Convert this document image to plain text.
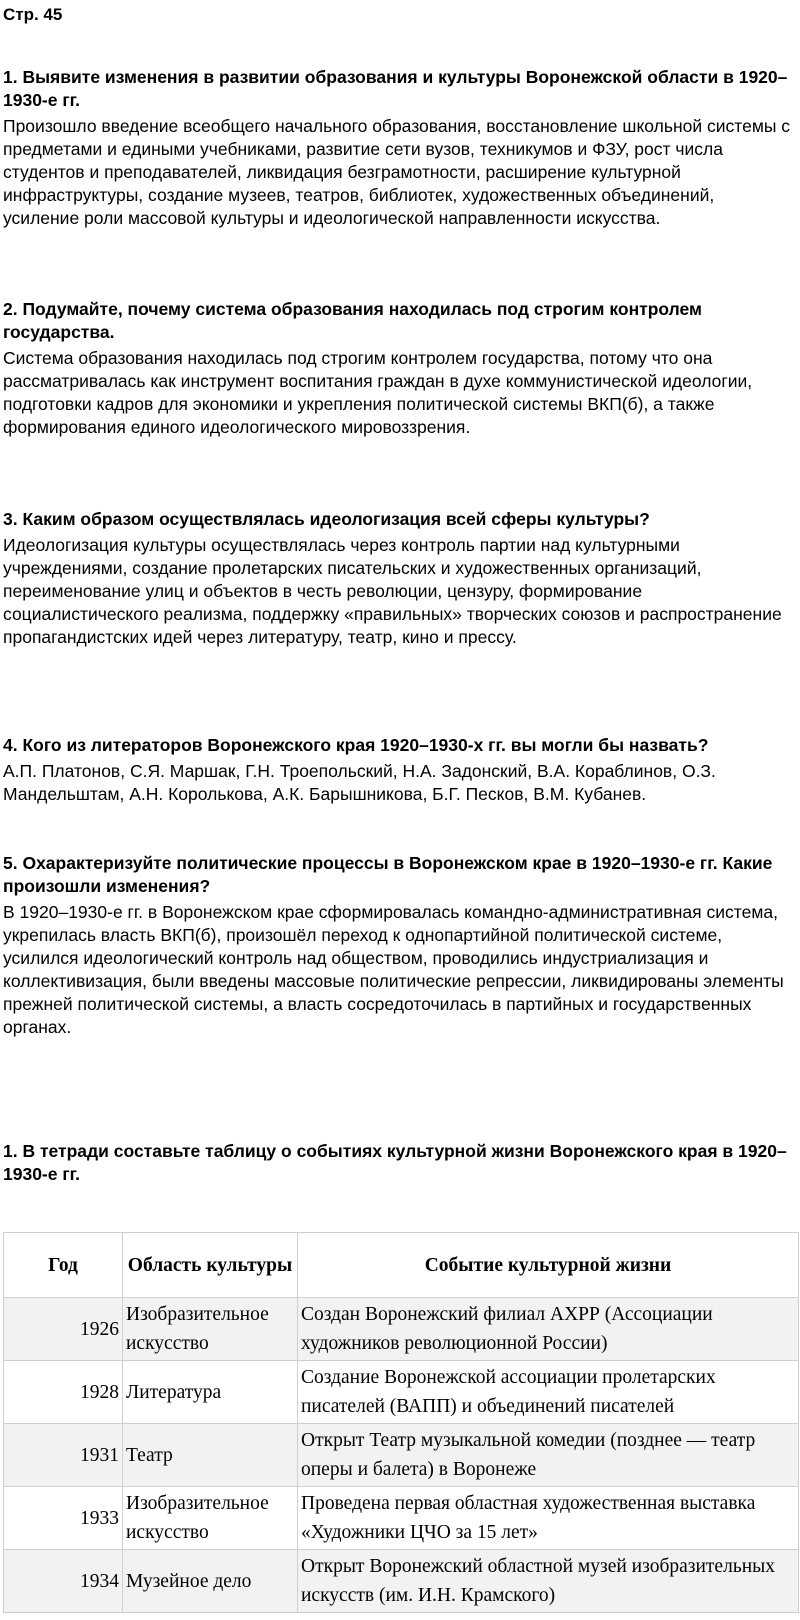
Стр. 45

1. Выявите изменения в развитии образования и культуры Воронежской области в 1920–1930-е гг.

Произошло введение всеобщего начального образования, восстановление школьной системы с предметами и едиными учебниками, развитие сети вузов, техникумов и ФЗУ, рост числа студентов и преподавателей, ликвидация безграмотности, расширение культурной инфраструктуры, создание музеев, театров, библиотек, художественных объединений, усиление роли массовой культуры и идеологической направленности искусства.

2. Подумайте, почему система образования находилась под строгим контролем государства.

Система образования находилась под строгим контролем государства, потому что она рассматривалась как инструмент воспитания граждан в духе коммунистической идеологии, подготовки кадров для экономики и укрепления политической системы ВКП(б), а также формирования единого идеологического мировоззрения.

3. Каким образом осуществлялась идеологизация всей сферы культуры?

Идеологизация культуры осуществлялась через контроль партии над культурными учреждениями, создание пролетарских писательских и художественных организаций, переименование улиц и объектов в честь революции, цензуру, формирование социалистического реализма, поддержку «правильных» творческих союзов и распространение пропагандистских идей через литературу, театр, кино и прессу.

4. Кого из литераторов Воронежского края 1920–1930-х гг. вы могли бы назвать?

А.П. Платонов, С.Я. Маршак, Г.Н. Троепольский, Н.А. Задонский, В.А. Кораблинов, О.З. Мандельштам, А.Н. Королькова, А.К. Барышникова, Б.Г. Песков, В.М. Кубанев.

5. Охарактеризуйте политические процессы в Воронежском крае в 1920–1930-е гг. Какие произошли изменения?

В 1920–1930-е гг. в Воронежском крае сформировалась командно-административная система, укрепилась власть ВКП(б), произошёл переход к однопартийной политической системе, усилился идеологический контроль над обществом, проводились индустриализация и коллективизация, были введены массовые политические репрессии, ликвидированы элементы прежней политической системы, а власть сосредоточилась в партийных и государственных органах.

1. В тетради составьте таблицу о событиях культурной жизни Воронежского края в 1920–1930-е гг.

Год	Область культуры	Событие культурной жизни
1926	Изобразительное искусство	Создан Воронежский филиал АХРР (Ассоциации художников революционной России)
1928	Литература	Создание Воронежской ассоциации пролетарских писателей (ВАПП) и объединений писателей
1931	Театр	Открыт Театр музыкальной комедии (позднее — театр оперы и балета) в Воронеже
1933	Изобразительное искусство	Проведена первая областная художественная выставка «Художники ЦЧО за 15 лет»
1934	Музейное дело	Открыт Воронежский областной музей изобразительных искусств (им. И.Н. Крамского)
